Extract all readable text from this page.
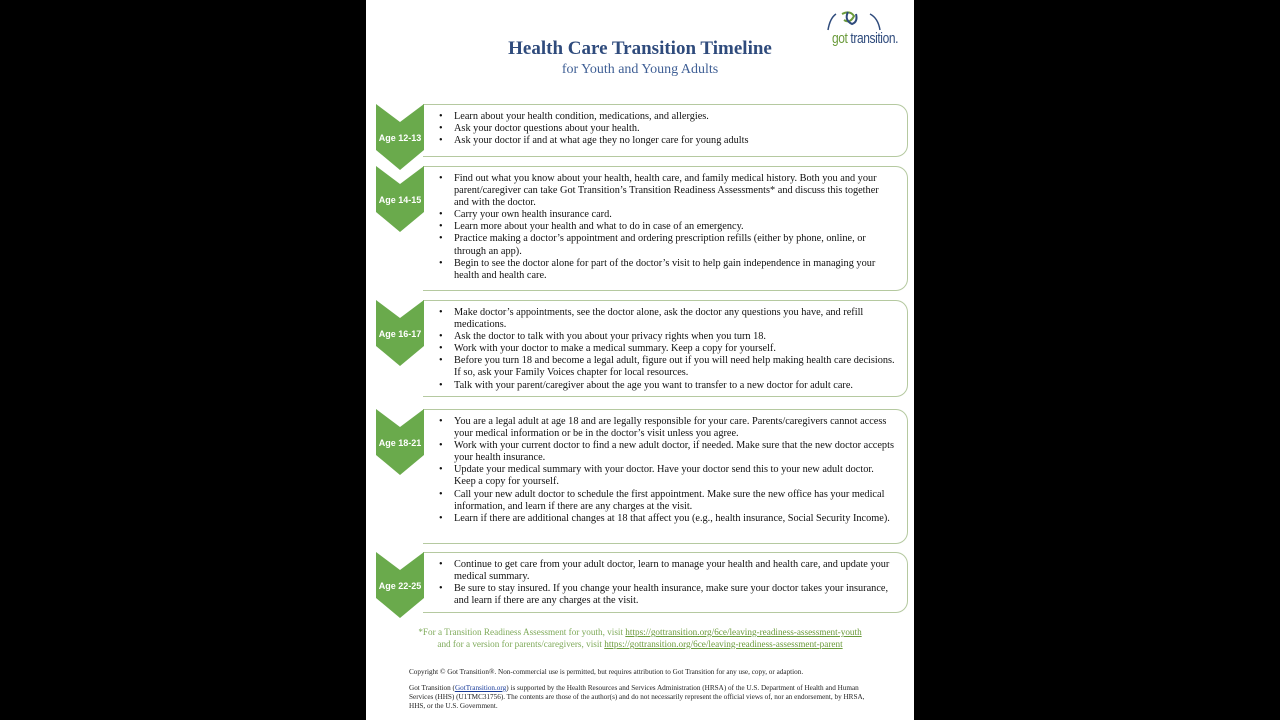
Health Care Transition Timeline
for Youth and Young Adults
got transition.
• Learn about your health condition, medications, and allergies.
• Ask your doctor questions about your health.
• Ask your doctor if and at what age they no longer care for young adults
Age 12-13
• Find out what you know about your health, health care, and family medical history. Both you and your parent/caregiver can take Got Transition’s Transition Readiness Assessments* and discuss this together and with the doctor.
• Carry your own health insurance card.
• Learn more about your health and what to do in case of an emergency.
• Practice making a doctor’s appointment and ordering prescription refills (either by phone, online, or through an app).
• Begin to see the doctor alone for part of the doctor’s visit to help gain independence in managing your health and health care.
Age 14-15
• Make doctor’s appointments, see the doctor alone, ask the doctor any questions you have, and refill medications.
• Ask the doctor to talk with you about your privacy rights when you turn 18.
• Work with your doctor to make a medical summary. Keep a copy for yourself.
• Before you turn 18 and become a legal adult, figure out if you will need help making health care decisions. If so, ask your Family Voices chapter for local resources.
• Talk with your parent/caregiver about the age you want to transfer to a new doctor for adult care.
Age 16-17
• You are a legal adult at age 18 and are legally responsible for your care. Parents/caregivers cannot access your medical information or be in the doctor’s visit unless you agree.
• Work with your current doctor to find a new adult doctor, if needed. Make sure that the new doctor accepts your health insurance.
• Update your medical summary with your doctor. Have your doctor send this to your new adult doctor. Keep a copy for yourself.
• Call your new adult doctor to schedule the first appointment. Make sure the new office has your medical information, and learn if there are any charges at the visit.
• Learn if there are additional changes at 18 that affect you (e.g., health insurance, Social Security Income).
Age 18-21
• Continue to get care from your adult doctor, learn to manage your health and health care, and update your medical summary.
• Be sure to stay insured. If you change your health insurance, make sure your doctor takes your insurance, and learn if there are any charges at the visit.
Age 22-25
*For a Transition Readiness Assessment for youth, visit https://gottransition.org/6ce/leaving-readiness-assessment-youth
and for a version for parents/caregivers, visit https://gottransition.org/6ce/leaving-readiness-assessment-parent
Copyright © Got Transition®. Non-commercial use is permitted, but requires attribution to Got Transition for any use, copy, or adaption.
Got Transition (GotTransition.org) is supported by the Health Resources and Services Administration (HRSA) of the U.S. Department of Health and Human Services (HHS) (U1TMC31756). The contents are those of the author(s) and do not necessarily represent the official views of, nor an endorsement, by HRSA, HHS, or the U.S. Government.
